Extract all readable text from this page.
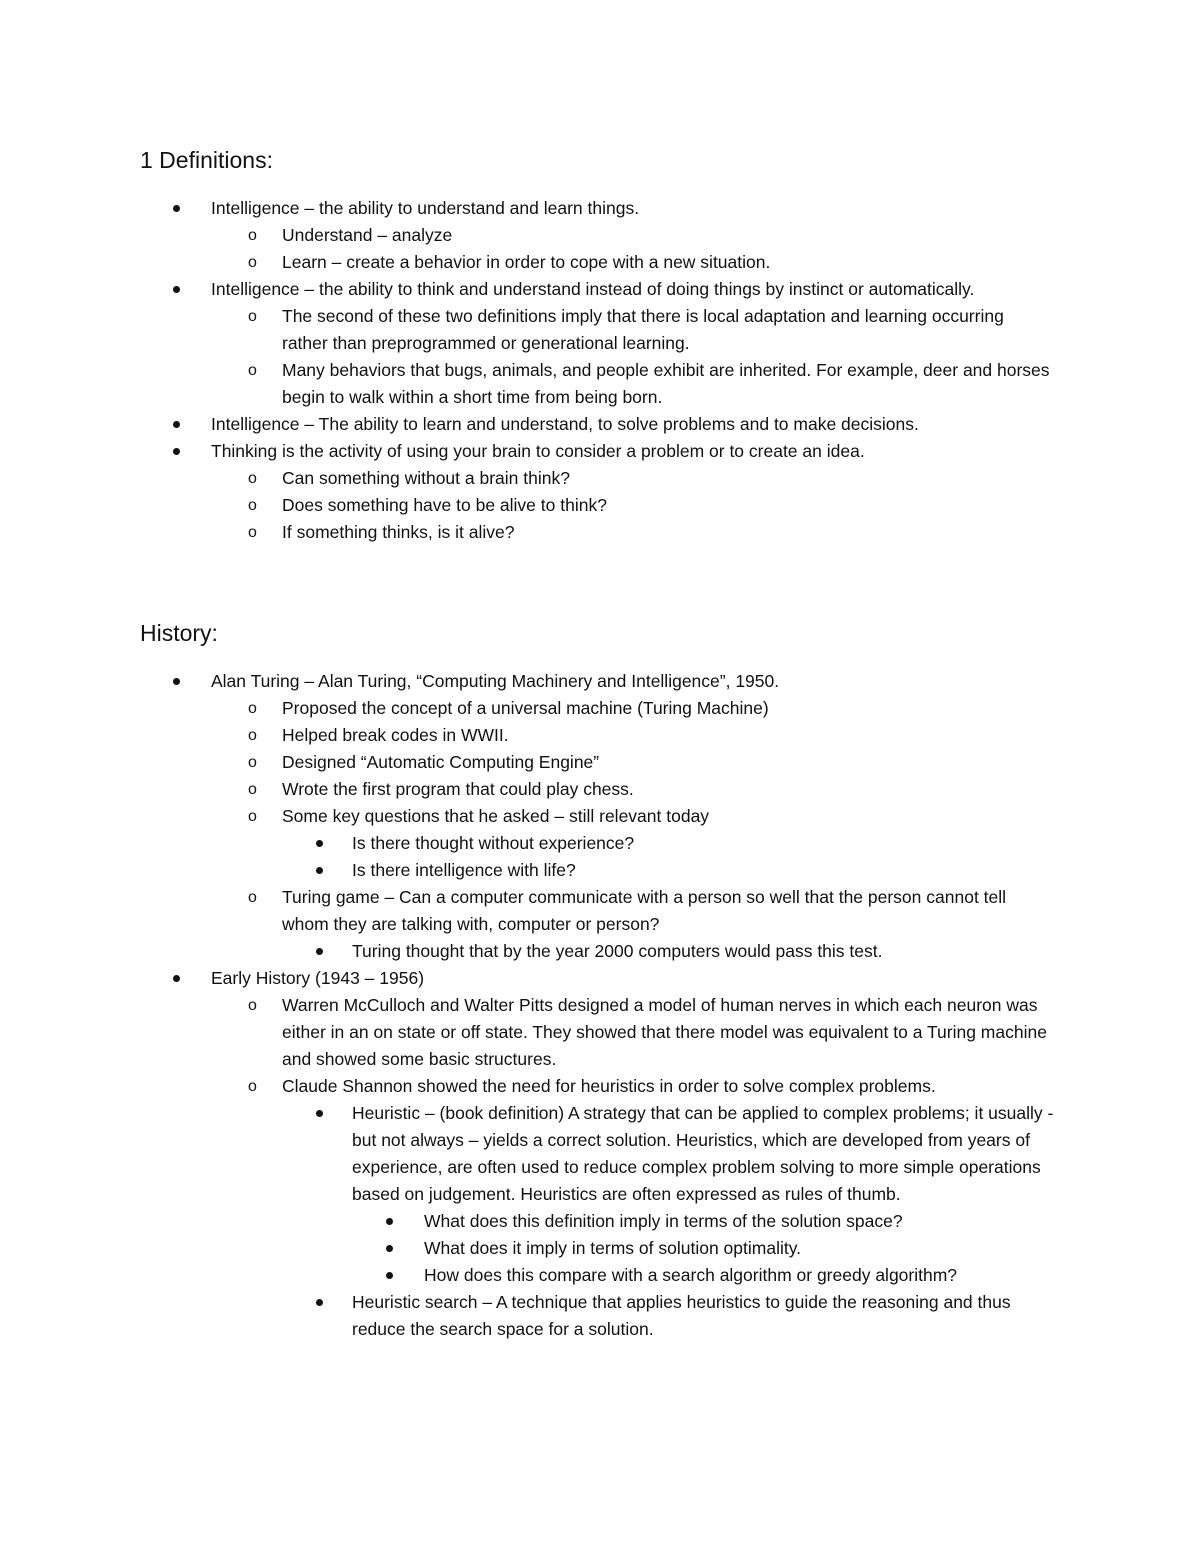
1 Definitions:
Intelligence – the ability to understand and learn things.
o Understand – analyze
o Learn – create a behavior in order to cope with a new situation.
Intelligence – the ability to think and understand instead of doing things by instinct or automatically.
o The second of these two definitions imply that there is local adaptation and learning occurring rather than preprogrammed or generational learning.
o Many behaviors that bugs, animals, and people exhibit are inherited. For example, deer and horses begin to walk within a short time from being born.
Intelligence – The ability to learn and understand, to solve problems and to make decisions.
Thinking is the activity of using your brain to consider a problem or to create an idea.
o Can something without a brain think?
o Does something have to be alive to think?
o If something thinks, is it alive?
History:
Alan Turing – Alan Turing, “Computing Machinery and Intelligence”, 1950.
o Proposed the concept of a universal machine (Turing Machine)
o Helped break codes in WWII.
o Designed “Automatic Computing Engine”
o Wrote the first program that could play chess.
o Some key questions that he asked – still relevant today
Is there thought without experience?
Is there intelligence with life?
o Turing game – Can a computer communicate with a person so well that the person cannot tell whom they are talking with, computer or person?
Turing thought that by the year 2000 computers would pass this test.
Early History (1943 – 1956)
o Warren McCulloch and Walter Pitts designed a model of human nerves in which each neuron was either in an on state or off state. They showed that there model was equivalent to a Turing machine and showed some basic structures.
o Claude Shannon showed the need for heuristics in order to solve complex problems.
Heuristic – (book definition) A strategy that can be applied to complex problems; it usually - but not always – yields a correct solution. Heuristics, which are developed from years of experience, are often used to reduce complex problem solving to more simple operations based on judgement. Heuristics are often expressed as rules of thumb.
What does this definition imply in terms of the solution space?
What does it imply in terms of solution optimality.
How does this compare with a search algorithm or greedy algorithm?
Heuristic search – A technique that applies heuristics to guide the reasoning and thus reduce the search space for a solution.
